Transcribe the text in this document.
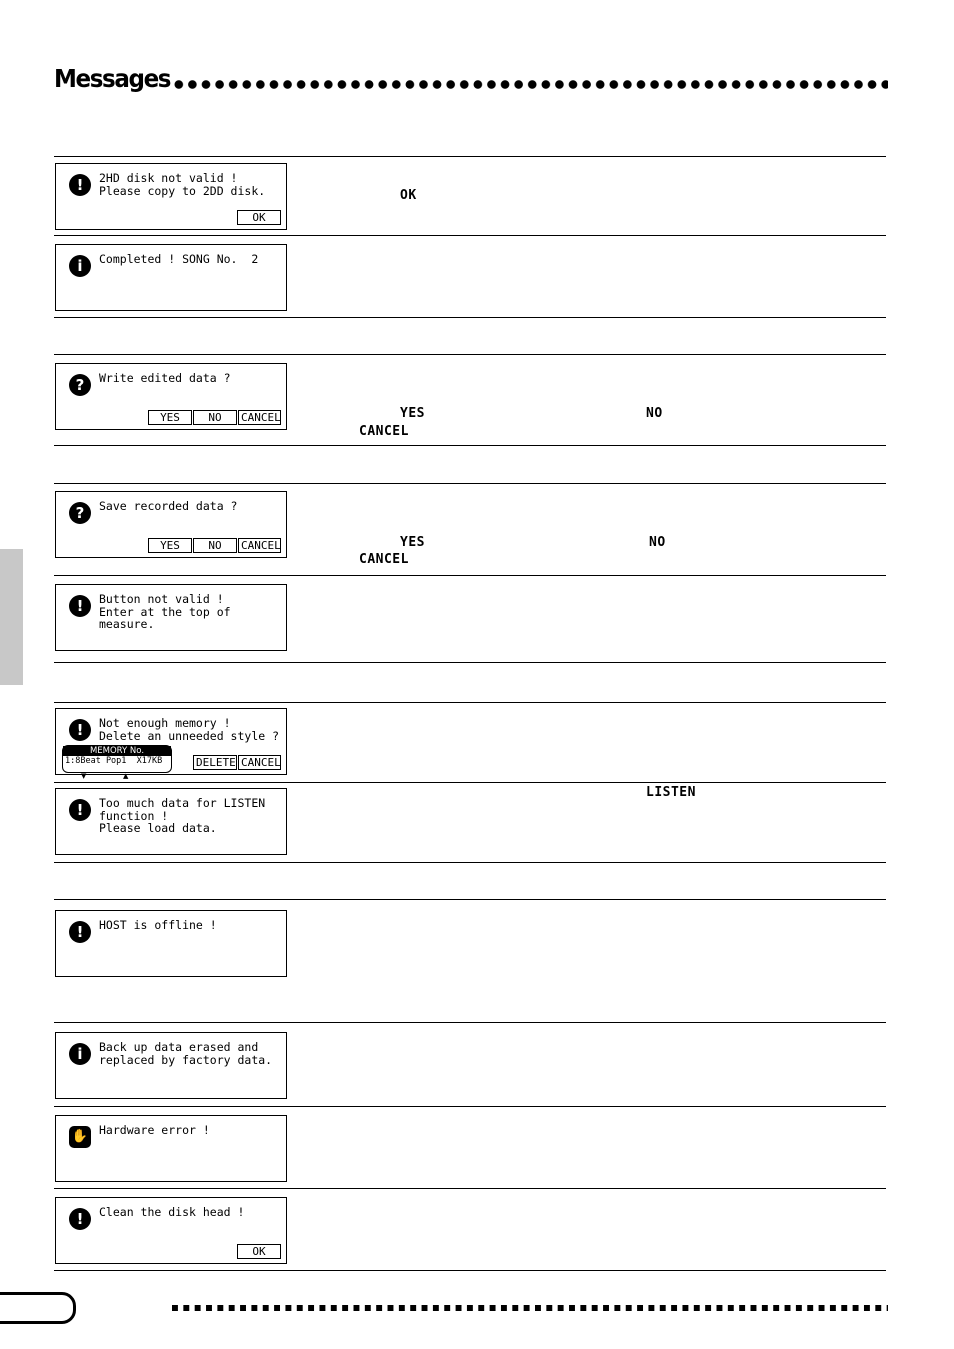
Messages
!	2HD disk not valid !
Please copy to 2DD disk.
OK
OK
i	Completed ! SONG No.  2
?	Write edited data ?
YES	NO	CANCEL	YES	NO
CANCEL
?	Save recorded data ?
YES	NO	CANCEL	YES	NO
CANCEL
!	Button not valid !
Enter at the top of
measure.
!	Not enough memory !
Delete an unneeded style ?
MEMORY No.
1:8Beat Pop1 X17KB
▼	▲
DELETE CANCEL
!	Too much data for LISTEN
function !
Please load data.
LISTEN
!	HOST is offline !
i	Back up data erased and
replaced by factory data.
✋ Hardware error !
!	Clean the disk head !
OK
